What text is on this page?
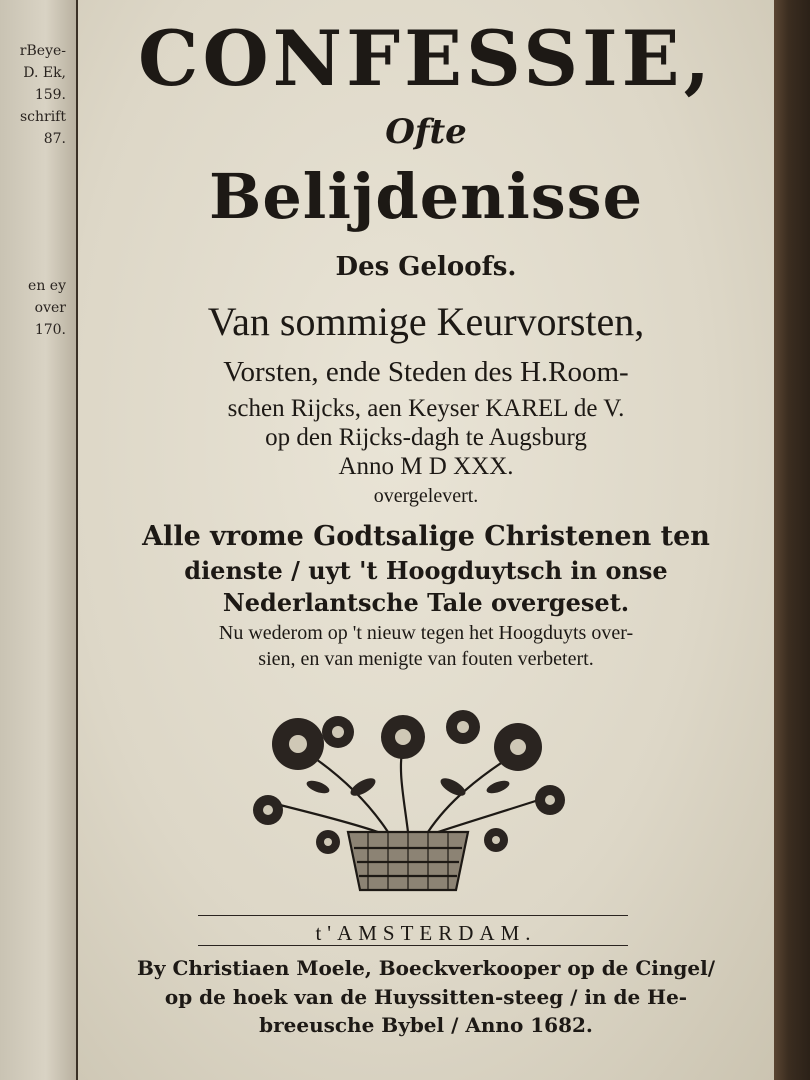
rBeye-
D. Ek,
159.
schrift
87.
en ey
over
170.
CONFESSIE,
Ofte
Belijdenisse
Des Geloofs.
Van sommige Keurvorsten,
Vorsten, ende Steden des H.Room-
schen Rijcks, aen Keyser KAREL de V.
op den Rijcks-dagh te Augsburg
Anno M D XXX.
overgelevert.
Alle vrome Godtsalige Christenen ten
dienste / uyt 't Hoogduytsch in onse
Nederlantsche Tale overgeset.
Nu wederom op 't nieuw tegen het Hoogduyts over-
sien, en van menigte van fouten verbetert.
t'AMSTERDAM.
By Christiaen Moele, Boeckverkooper op de Cingel/
op de hoek van de Huyssitten-steeg / in de He-
breeusche Bybel / Anno 1682.
